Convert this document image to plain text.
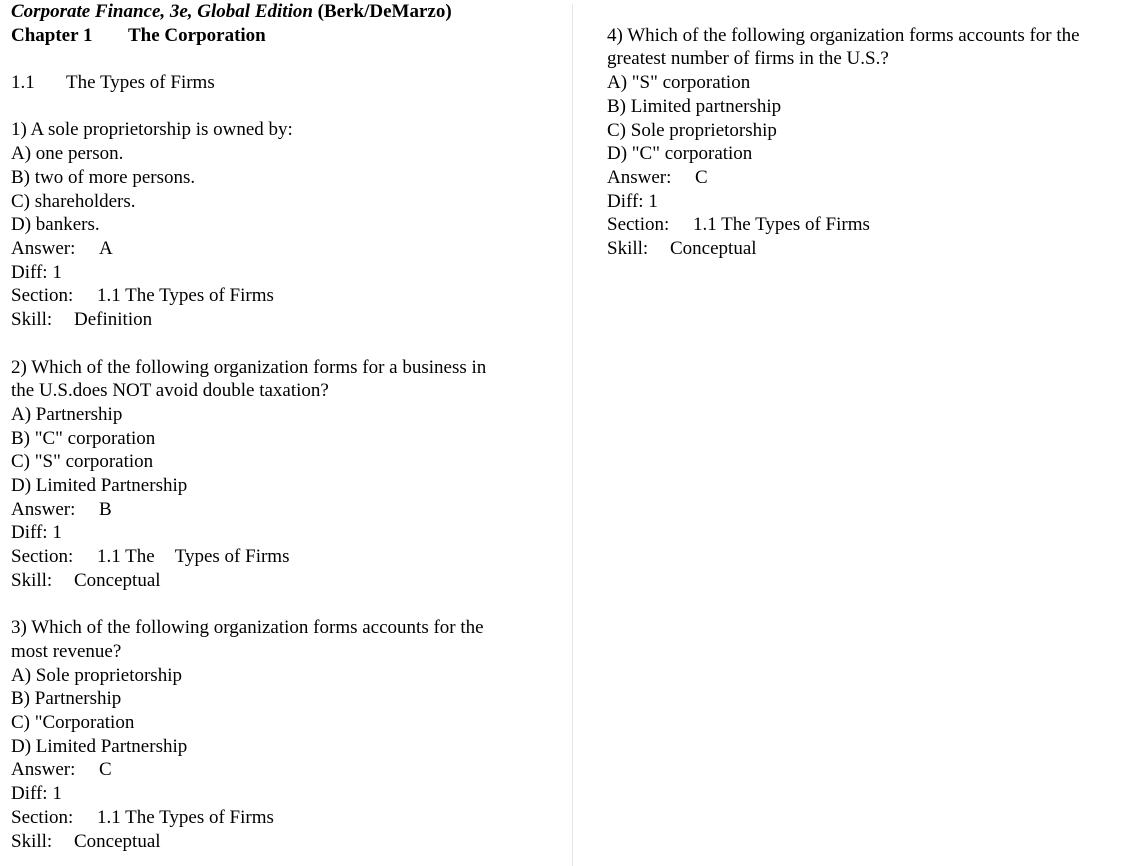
Corporate Finance, 3e, Global Edition (Berk/DeMarzo)
Chapter 1 The Corporation
1.1 The Types of Firms
1) A sole proprietorship is owned by:
A) one person.
B) two of more persons.
C) shareholders.
D) bankers.
Answer: A
Diff: 1
Section: 1.1 The Types of Firms
Skill: Definition
2) Which of the following organization forms for a business in
the U.S.does NOT avoid double taxation?
A) Partnership
B) "C" corporation
C) "S" corporation
D) Limited Partnership
Answer: B
Diff: 1
Section: 1.1 The Types of Firms
Skill: Conceptual
3) Which of the following organization forms accounts for the
most revenue?
A) Sole proprietorship
B) Partnership
C) "Corporation
D) Limited Partnership
Answer: C
Diff: 1
Section: 1.1 The Types of Firms
Skill: Conceptual
4) Which of the following organization forms accounts for the
greatest number of firms in the U.S.?
A) "S" corporation
B) Limited partnership
C) Sole proprietorship
D) "C" corporation
Answer: C
Diff: 1
Section: 1.1 The Types of Firms
Skill: Conceptual
